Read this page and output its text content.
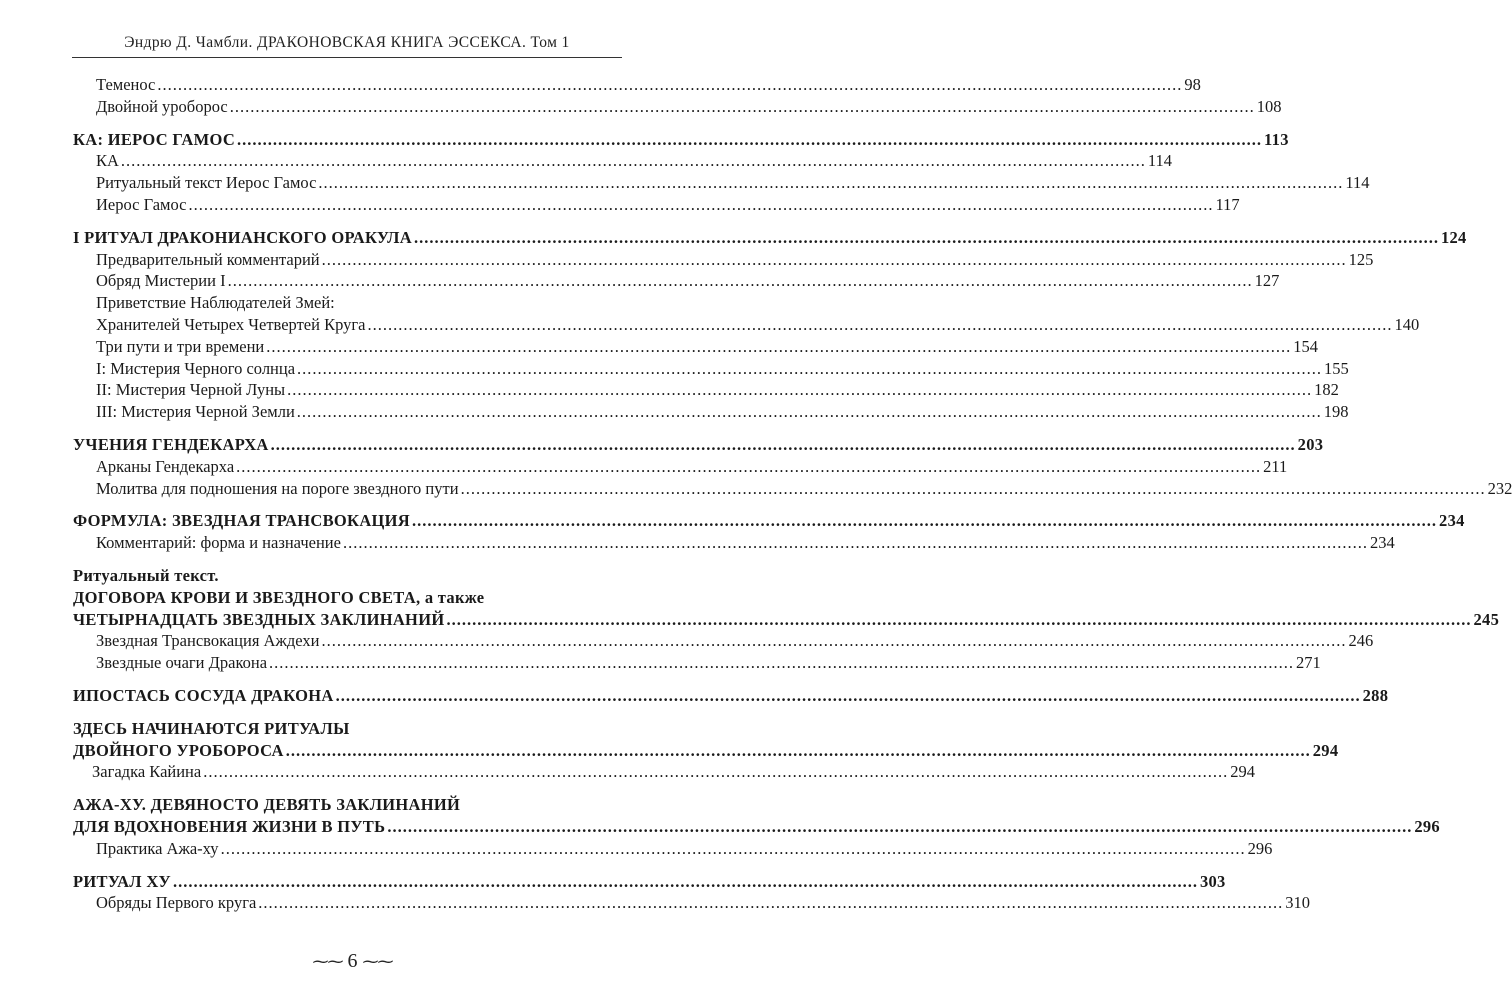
Эндрю Д. Чамбли. ДРАКОНОВСКАЯ КНИГА ЭССЕКСА. Том 1
Теменос ........................................................................................................................................................................................................ 98
Двойной уроборос ........................................................................................................................................................................................................ 108
КА: ИЕРОС ГАМОС ........................................................................................................................................................................................................ 113
КА ........................................................................................................................................................................................................ 114
Ритуальный текст Иерос Гамос ........................................................................................................................................................................................................ 114
Иерос Гамос ........................................................................................................................................................................................................ 117
I РИТУАЛ ДРАКОНИАНСКОГО ОРАКУЛА ........................................................................................................................................................................................................ 124
Предварительный комментарий ........................................................................................................................................................................................................ 125
Обряд Мистерии I ........................................................................................................................................................................................................ 127
Приветствие Наблюдателей Змей:
Хранителей Четырех Четвертей Круга ........................................................................................................................................................................................................ 140
Три пути и три времени ........................................................................................................................................................................................................ 154
I: Мистерия Черного солнца ........................................................................................................................................................................................................ 155
II: Мистерия Черной Луны ........................................................................................................................................................................................................ 182
III: Мистерия Черной Земли ........................................................................................................................................................................................................ 198
УЧЕНИЯ ГЕНДЕКАРХА ........................................................................................................................................................................................................ 203
Арканы Гендекарха ........................................................................................................................................................................................................ 211
Молитва для подношения на пороге звездного пути ........................................................................................................................................................................................................ 232
ФОРМУЛА: ЗВЕЗДНАЯ ТРАНСВОКАЦИЯ ........................................................................................................................................................................................................ 234
Комментарий: форма и назначение ........................................................................................................................................................................................................ 234
Ритуальный текст.
ДОГОВОРА КРОВИ И ЗВЕЗДНОГО СВЕТА, а также
ЧЕТЫРНАДЦАТЬ ЗВЕЗДНЫХ ЗАКЛИНАНИЙ ........................................................................................................................................................................................................ 245
Звездная Трансвокация Аждехи ........................................................................................................................................................................................................ 246
Звездные очаги Дракона ........................................................................................................................................................................................................ 271
ИПОСТАСЬ СОСУДА ДРАКОНА ........................................................................................................................................................................................................ 288
ЗДЕСЬ НАЧИНАЮТСЯ РИТУАЛЫ
ДВОЙНОГО УРОБОРОСА ........................................................................................................................................................................................................ 294
Загадка Кайина ........................................................................................................................................................................................................ 294
АЖА-ХУ. ДЕВЯНОСТО ДЕВЯТЬ ЗАКЛИНАНИЙ
ДЛЯ ВДОХНОВЕНИЯ ЖИЗНИ В ПУТЬ ........................................................................................................................................................................................................ 296
Практика Ажа-ху ........................................................................................................................................................................................................ 296
РИТУАЛ ХУ ........................................................................................................................................................................................................ 303
Обряды Первого круга ........................................................................................................................................................................................................ 310
⁓⁓ 6 ⁓⁓
